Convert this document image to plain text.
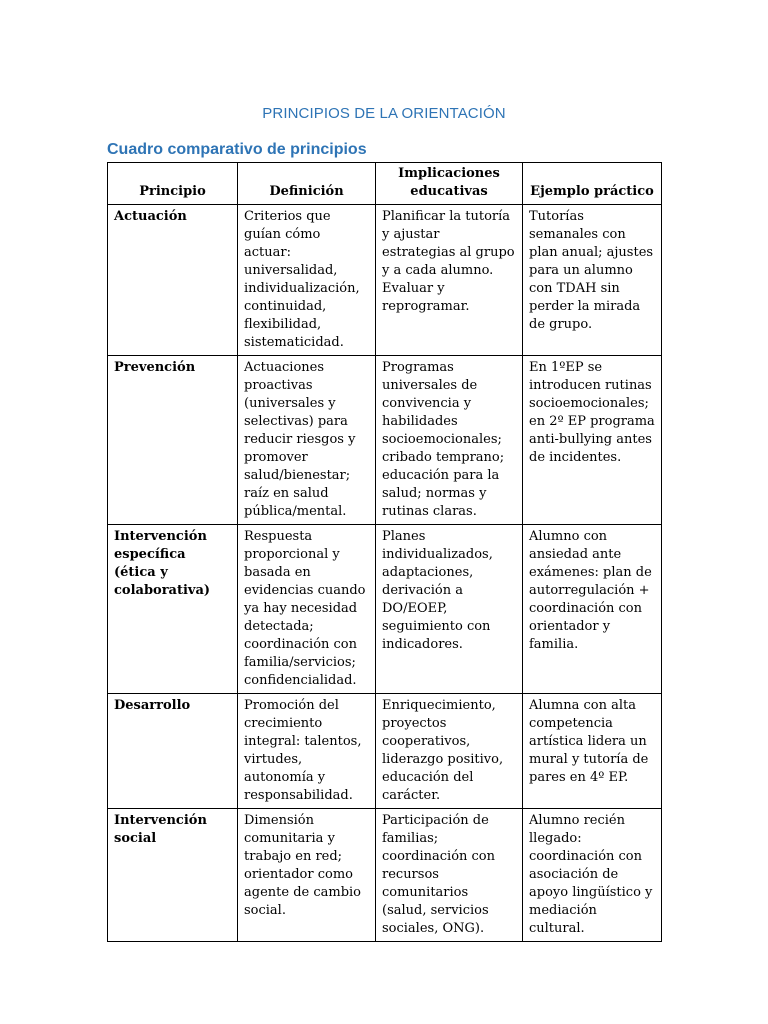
PRINCIPIOS DE LA ORIENTACIÓN
Cuadro comparativo de principios
Principio	Definición	Implicaciones educativas	Ejemplo práctico
Actuación	Criterios que guían cómo actuar: universalidad, individualización, continuidad, flexibilidad, sistematicidad.	Planificar la tutoría y ajustar estrategias al grupo y a cada alumno. Evaluar y reprogramar.	Tutorías semanales con plan anual; ajustes para un alumno con TDAH sin perder la mirada de grupo.
Prevención	Actuaciones proactivas (universales y selectivas) para reducir riesgos y promover salud/bienestar; raíz en salud pública/mental.	Programas universales de convivencia y habilidades socioemocionales; cribado temprano; educación para la salud; normas y rutinas claras.	En 1ºEP se introducen rutinas socioemocionales; en 2º EP programa anti-bullying antes de incidentes.
Intervención específica (ética y colaborativa)	Respuesta proporcional y basada en evidencias cuando ya hay necesidad detectada; coordinación con familia/servicios; confidencialidad.	Planes individualizados, adaptaciones, derivación a DO/EOEP, seguimiento con indicadores.	Alumno con ansiedad ante exámenes: plan de autorregulación + coordinación con orientador y familia.
Desarrollo	Promoción del crecimiento integral: talentos, virtudes, autonomía y responsabilidad.	Enriquecimiento, proyectos cooperativos, liderazgo positivo, educación del carácter.	Alumna con alta competencia artística lidera un mural y tutoría de pares en 4º EP.
Intervención social	Dimensión comunitaria y trabajo en red; orientador como agente de cambio social.	Participación de familias; coordinación con recursos comunitarios (salud, servicios sociales, ONG).	Alumno recién llegado: coordinación con asociación de apoyo lingüístico y mediación cultural.
